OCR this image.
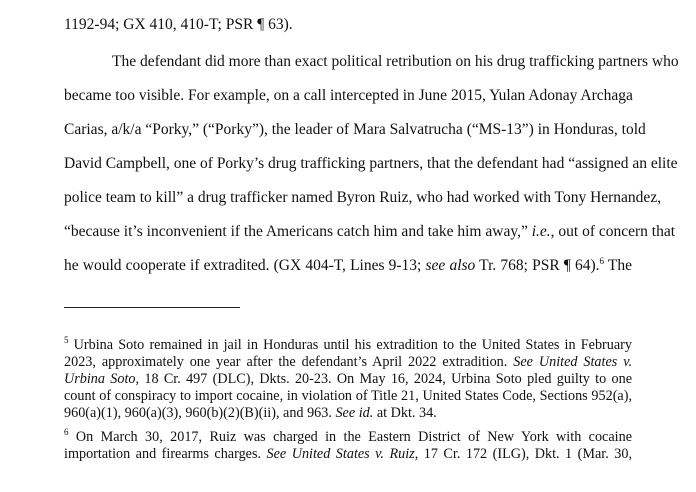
1192-94; GX 410, 410-T; PSR ¶ 63).
The defendant did more than exact political retribution on his drug trafficking partners who
became too visible. For example, on a call intercepted in June 2015, Yulan Adonay Archaga
Carias, a/k/a “Porky,” (“Porky”), the leader of Mara Salvatrucha (“MS-13”) in Honduras, told
David Campbell, one of Porky’s drug trafficking partners, that the defendant had “assigned an elite
police team to kill” a drug trafficker named Byron Ruiz, who had worked with Tony Hernandez,
“because it’s inconvenient if the Americans catch him and take him away,” i.e., out of concern that
he would cooperate if extradited. (GX 404-T, Lines 9-13; see also Tr. 768; PSR ¶ 64).$^6$ The
$^5$ Urbina Soto remained in jail in Honduras until his extradition to the United States in February
2023, approximately one year after the defendant’s April 2022 extradition. See United States v.
Urbina Soto, 18 Cr. 497 (DLC), Dkts. 20-23. On May 16, 2024, Urbina Soto pled guilty to one
count of conspiracy to import cocaine, in violation of Title 21, United States Code, Sections 952(a),
960(a)(1), 960(a)(3), 960(b)(2)(B)(ii), and 963. See id. at Dkt. 34.
$^6$ On March 30, 2017, Ruiz was charged in the Eastern District of New York with cocaine
importation and firearms charges. See United States v. Ruiz, 17 Cr. 172 (ILG), Dkt. 1 (Mar. 30,
